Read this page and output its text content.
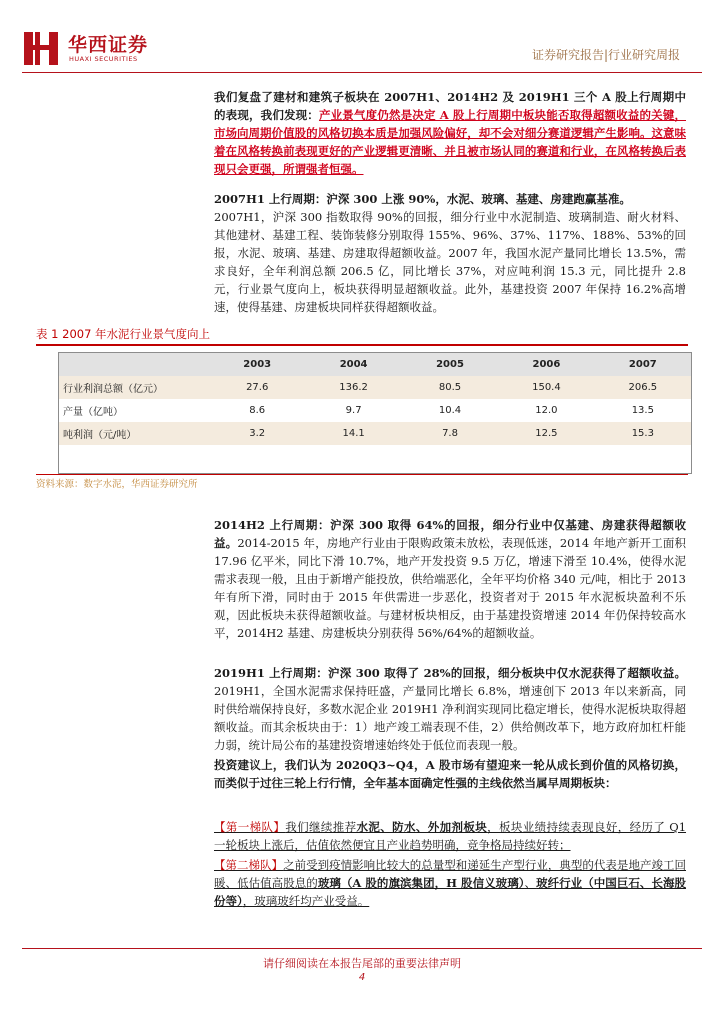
华西证券
HUAXI SECURITIES	证券研究报告|行业研究周报
我们复盘了建材和建筑子板块在 2007H1、2014H2 及 2019H1 三个 A 股上行周期中的表现，我们发现：产业景气度仍然是决定 A 股上行周期中板块能否取得超额收益的关键，市场向周期价值股的风格切换本质是加强风险偏好，却不会对细分赛道逻辑产生影响。这意味着在风格转换前表现更好的产业逻辑更清晰、并且被市场认同的赛道和行业，在风格转换后表现只会更强，所谓强者恒强。
2007H1 上行周期：沪深 300 上涨 90%，水泥、玻璃、基建、房建跑赢基准。
2007H1，沪深 300 指数取得 90%的回报，细分行业中水泥制造、玻璃制造、耐火材料、其他建材、基建工程、装饰装修分别取得 155%、96%、37%、117%、188%、53%的回报，水泥、玻璃、基建、房建取得超额收益。2007 年，我国水泥产量同比增长 13.5%，需求良好，全年利润总额 206.5 亿，同比增长 37%，对应吨利润 15.3 元，同比提升 2.8 元，行业景气度向上，板块获得明显超额收益。此外，基建投资 2007 年保持 16.2%高增速，使得基建、房建板块同样获得超额收益。
表 1 2007 年水泥行业景气度向上
2003	2004	2005	2006	2007
行业利润总额（亿元）	27.6	136.2	80.5	150.4	206.5
产量（亿吨）	8.6	9.7	10.4	12.0	13.5
吨利润（元/吨）	3.2	14.1	7.8	12.5	15.3
资料来源：数字水泥，华西证券研究所
2014H2 上行周期：沪深 300 取得 64%的回报，细分行业中仅基建、房建获得超额收益。2014-2015 年，房地产行业由于限购政策未放松，表现低迷，2014 年地产新开工面积 17.96 亿平米，同比下滑 10.7%，地产开发投资 9.5 万亿，增速下滑至 10.4%，使得水泥需求表现一般，且由于新增产能投放，供给端恶化，全年平均价格 340 元/吨，相比于 2013 年有所下滑，同时由于 2015 年供需进一步恶化，投资者对于 2015 年水泥板块盈利不乐观，因此板块未获得超额收益。与建材板块相反，由于基建投资增速 2014 年仍保持较高水平，2014H2 基建、房建板块分别获得 56%/64%的超额收益。
2019H1 上行周期：沪深 300 取得了 28%的回报，细分板块中仅水泥获得了超额收益。2019H1，全国水泥需求保持旺盛，产量同比增长 6.8%，增速创下 2013 年以来新高，同时供给端保持良好，多数水泥企业 2019H1 净利润实现同比稳定增长，使得水泥板块取得超额收益。而其余板块由于：1）地产竣工端表现不佳，2）供给侧改革下，地方政府加杠杆能力弱，统计局公布的基建投资增速始终处于低位而表现一般。
投资建议上，我们认为 2020Q3~Q4，A 股市场有望迎来一轮从成长到价值的风格切换，而类似于过往三轮上行行情，全年基本面确定性强的主线依然当属早周期板块：
【第一梯队】我们继续推荐水泥、防水、外加剂板块，板块业绩持续表现良好，经历了 Q1 一轮板块上涨后，估值依然便宜且产业趋势明确，竞争格局持续好转；
【第二梯队】之前受到疫情影响比较大的总量型和递延生产型行业，典型的代表是地产竣工回暖、低估值高股息的玻璃（A 股的旗滨集团，H 股信义玻璃）、玻纤行业（中国巨石、长海股份等），玻璃玻纤均产业受益。
请仔细阅读在本报告尾部的重要法律声明
4
